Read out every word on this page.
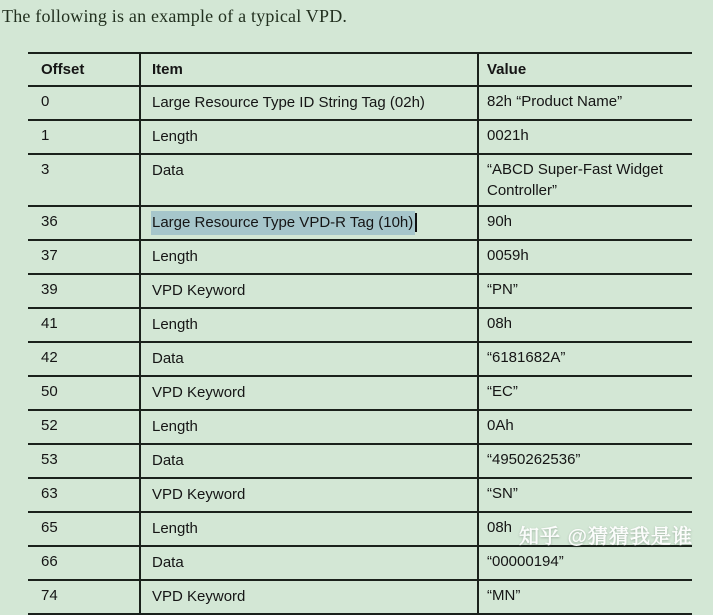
The following is an example of a typical VPD.
Offset	Item	Value
0	Large Resource Type ID String Tag (02h)	82h “Product Name”
1	Length	0021h
3	Data	“ABCD Super-Fast Widget Controller”
36	Large Resource Type VPD-R Tag (10h)	90h
37	Length	0059h
39	VPD Keyword	“PN”
41	Length	08h
42	Data	“6181682A”
50	VPD Keyword	“EC”
52	Length	0Ah
53	Data	“4950262536”
63	VPD Keyword	“SN”
65	Length	08h
66	Data	“00000194”
74	VPD Keyword	“MN”
知乎 @猜猜我是谁
